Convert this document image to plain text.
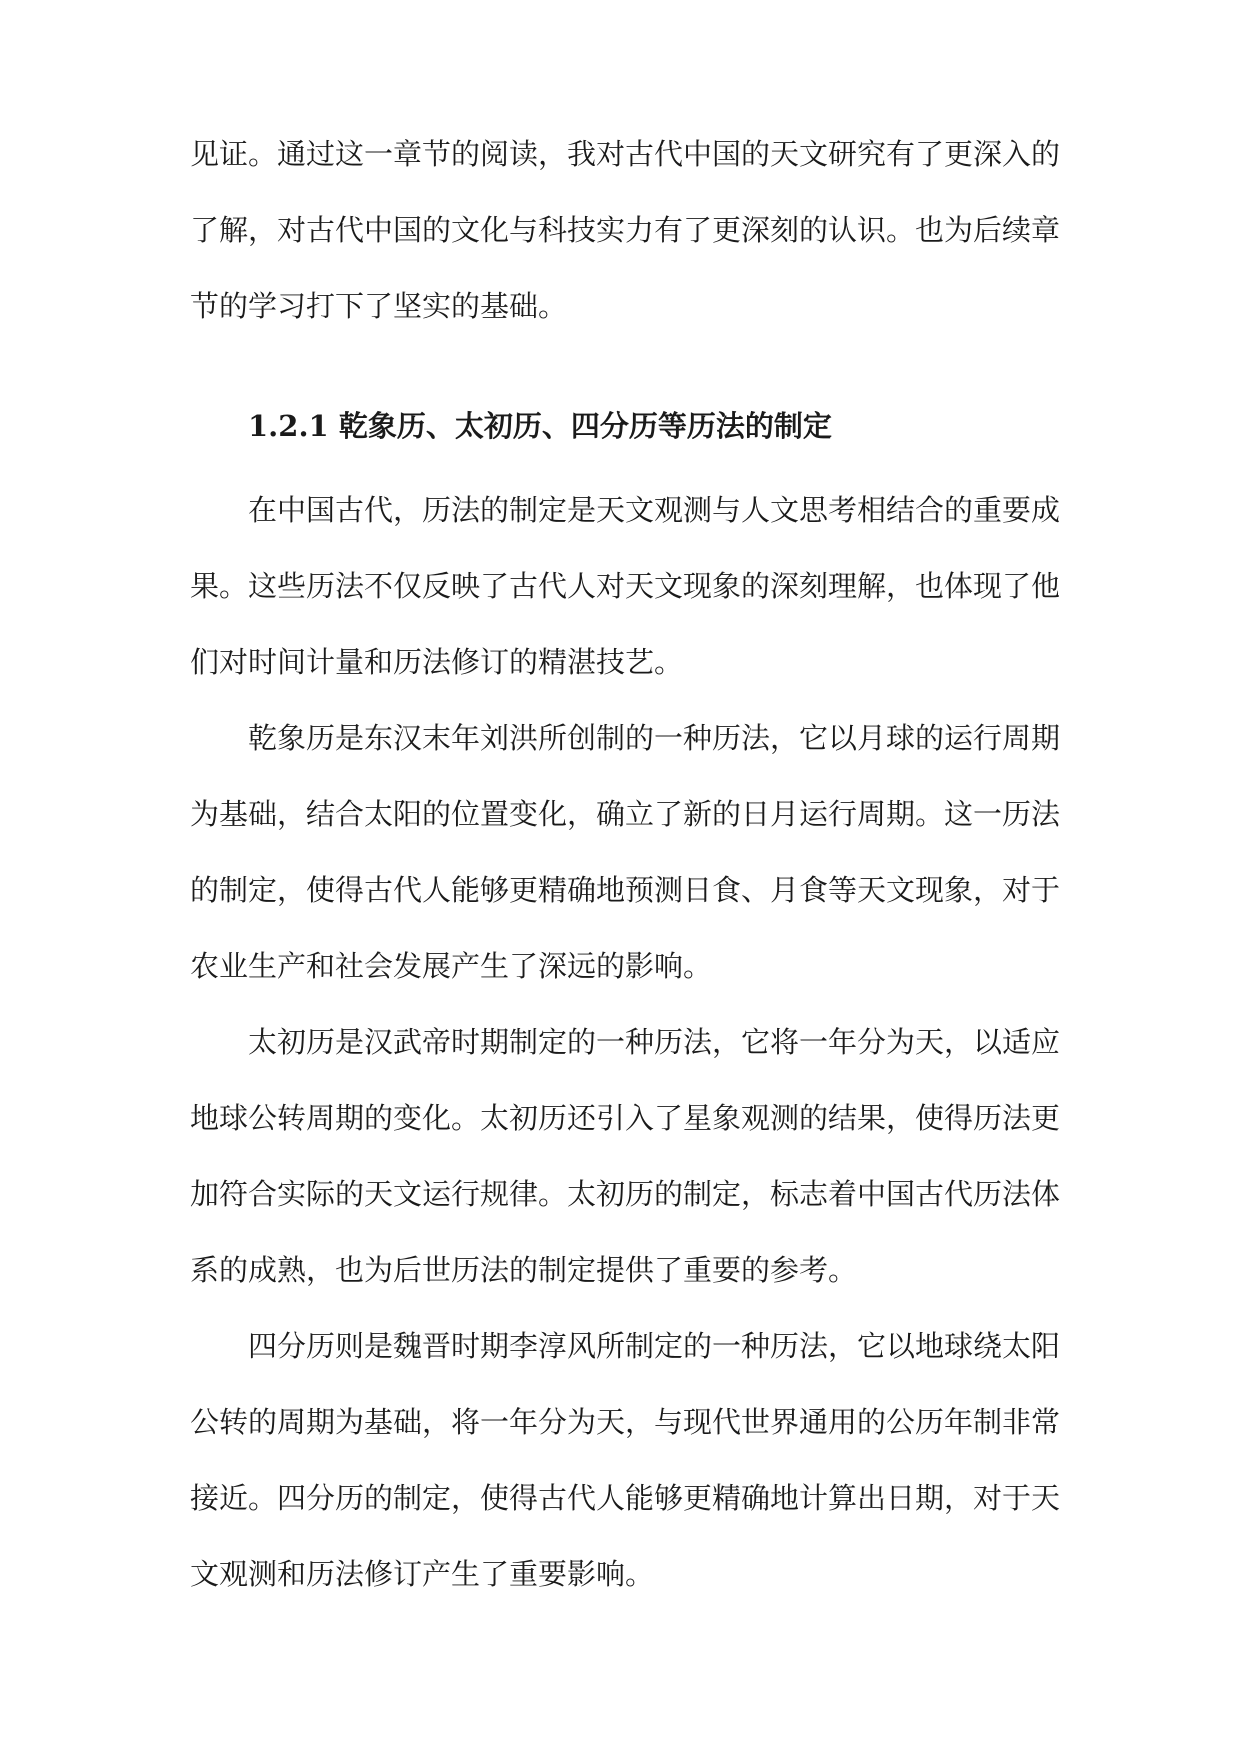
见证。通过这一章节的阅读，我对古代中国的天文研究有了更深入的了解，对古代中国的文化与科技实力有了更深刻的认识。也为后续章节的学习打下了坚实的基础。

1.2.1 乾象历、太初历、四分历等历法的制定

在中国古代，历法的制定是天文观测与人文思考相结合的重要成果。这些历法不仅反映了古代人对天文现象的深刻理解，也体现了他们对时间计量和历法修订的精湛技艺。

乾象历是东汉末年刘洪所创制的一种历法，它以月球的运行周期为基础，结合太阳的位置变化，确立了新的日月运行周期。这一历法的制定，使得古代人能够更精确地预测日食、月食等天文现象，对于农业生产和社会发展产生了深远的影响。

太初历是汉武帝时期制定的一种历法，它将一年分为天，以适应地球公转周期的变化。太初历还引入了星象观测的结果，使得历法更加符合实际的天文运行规律。太初历的制定，标志着中国古代历法体系的成熟，也为后世历法的制定提供了重要的参考。

四分历则是魏晋时期李淳风所制定的一种历法，它以地球绕太阳公转的周期为基础，将一年分为天，与现代世界通用的公历年制非常接近。四分历的制定，使得古代人能够更精确地计算出日期，对于天文观测和历法修订产生了重要影响。
